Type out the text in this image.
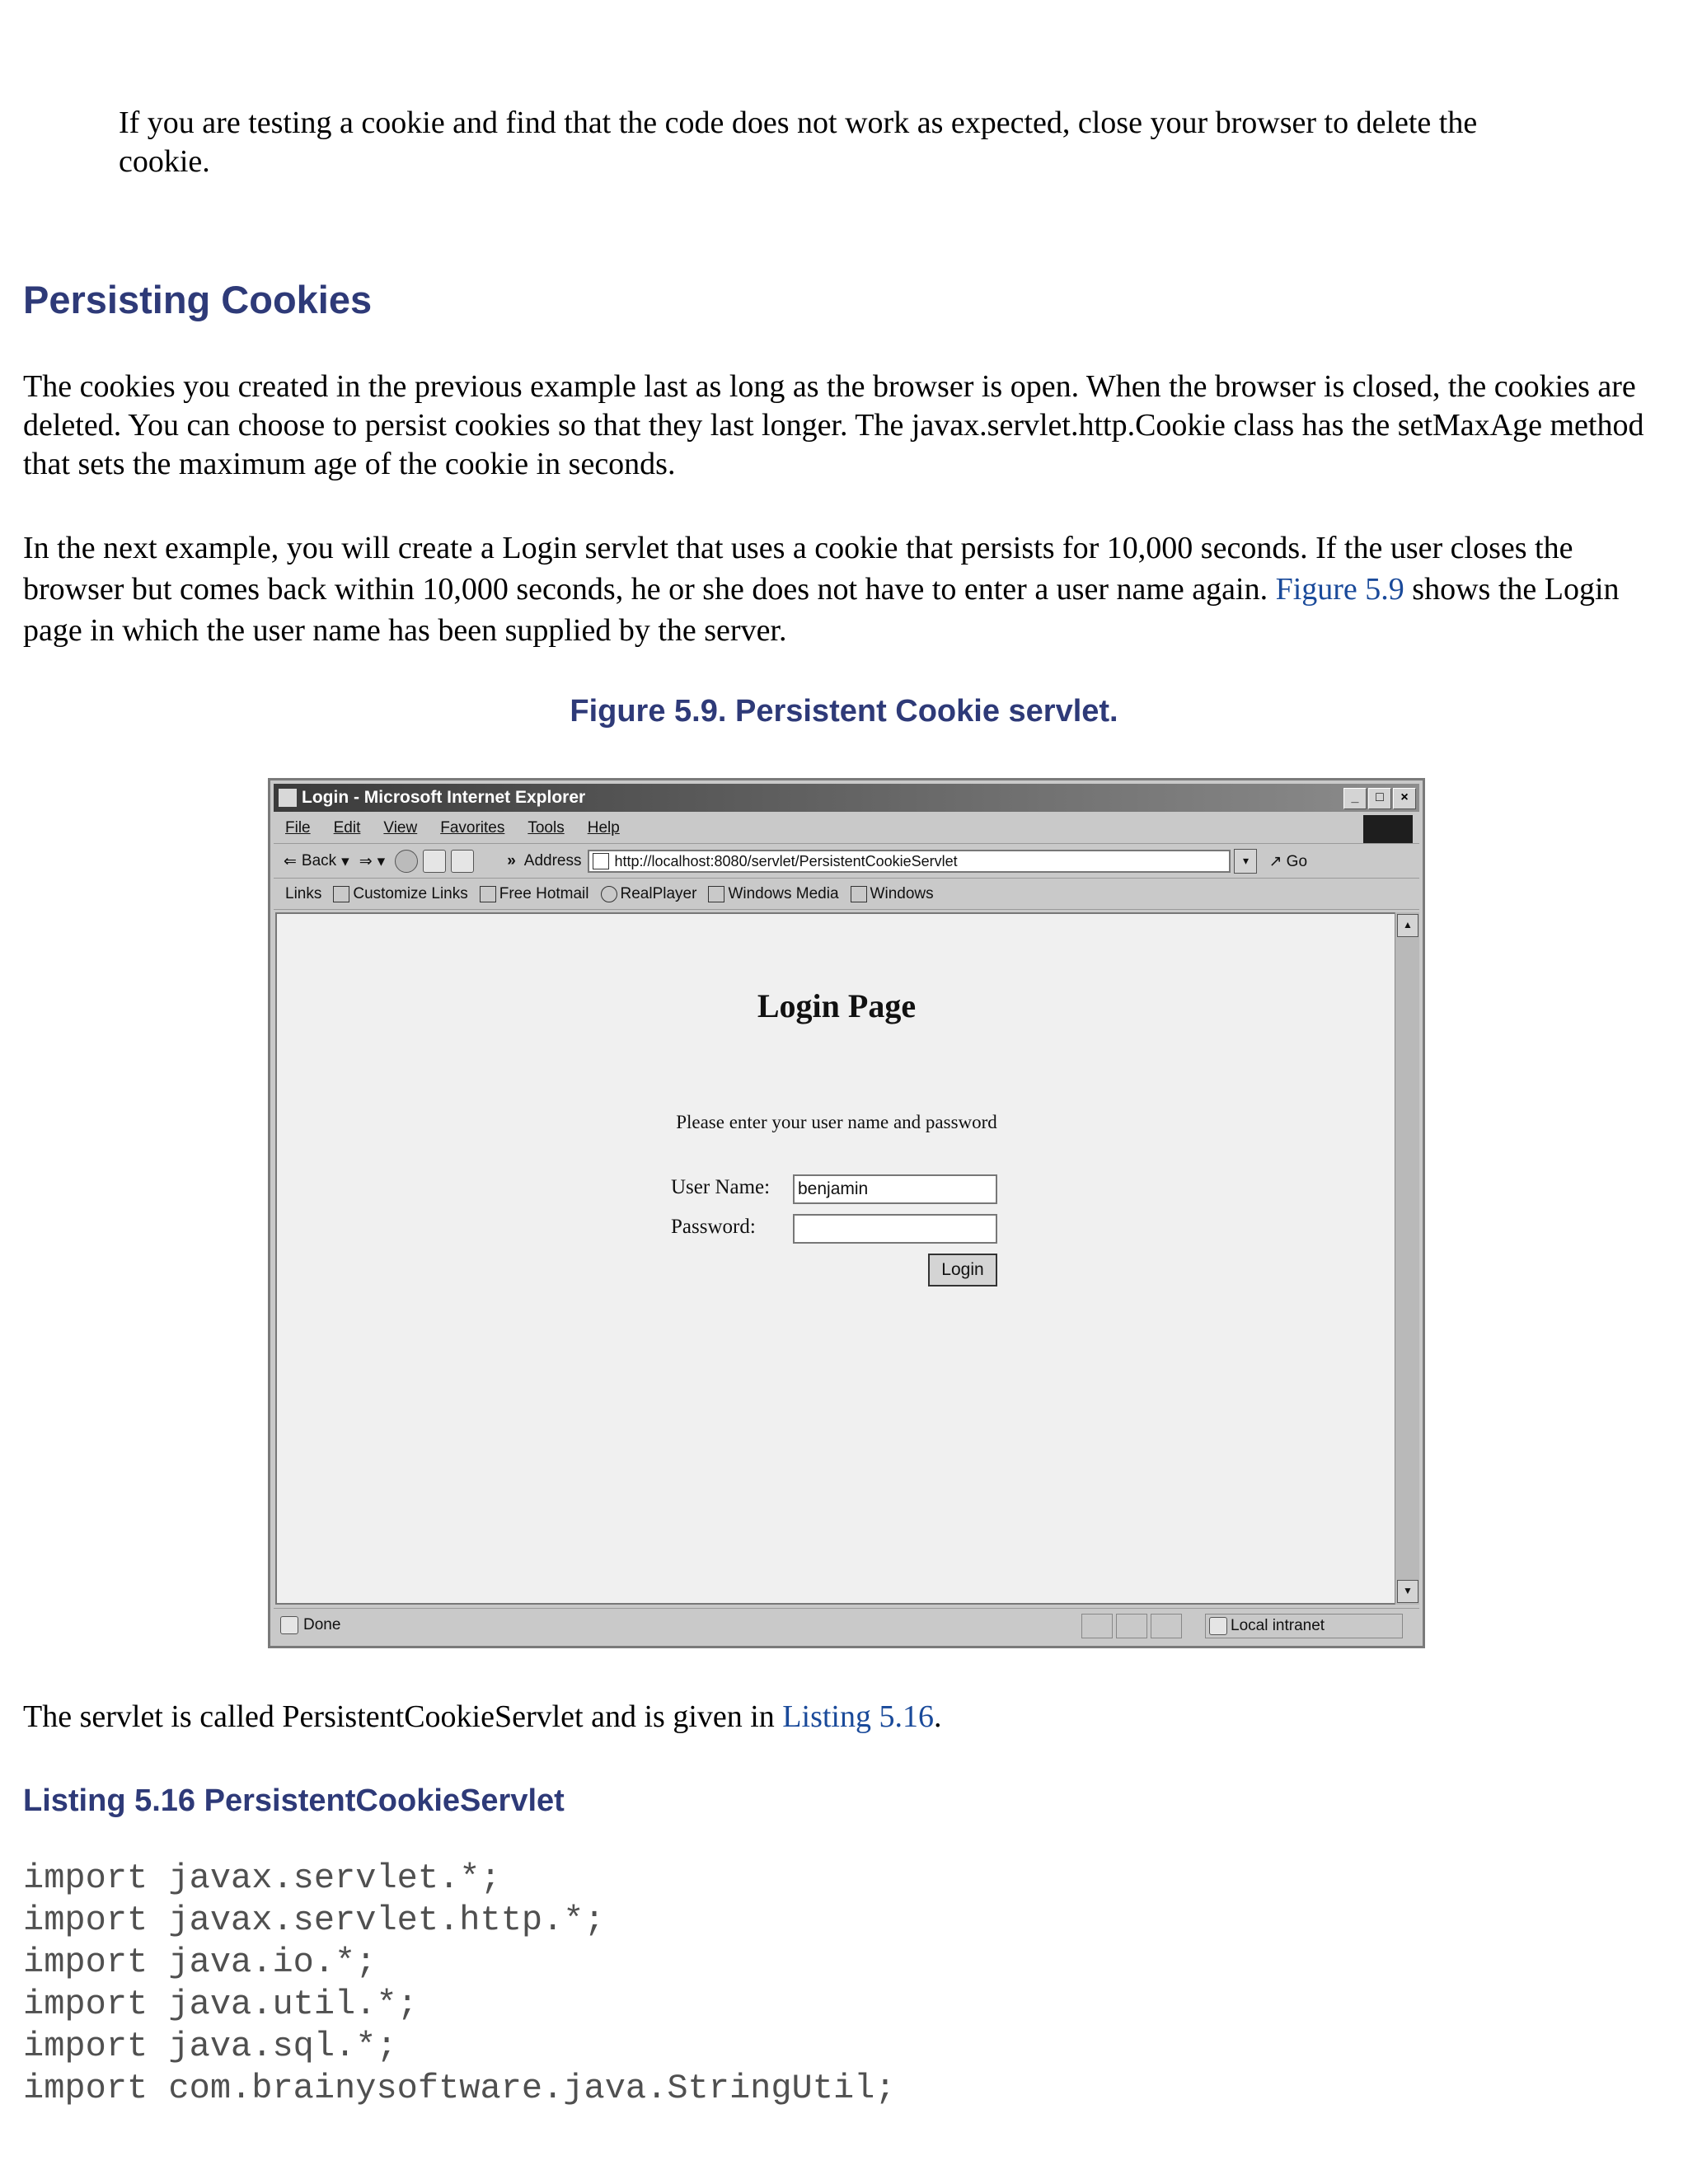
If you are testing a cookie and find that the code does not work as expected, close your browser to delete the cookie.

Persisting Cookies

The cookies you created in the previous example last as long as the browser is open. When the browser is closed, the cookies are deleted. You can choose to persist cookies so that they last longer. The javax.servlet.http.Cookie class has the setMaxAge method that sets the maximum age of the cookie in seconds.

In the next example, you will create a Login servlet that uses a cookie that persists for 10,000 seconds. If the user closes the browser but comes back within 10,000 seconds, he or she does not have to enter a user name again. Figure 5.9 shows the Login page in which the user name has been supplied by the server.

Figure 5.9. Persistent Cookie servlet.
Login - Microsoft Internet Explorer	_	□	×
File Edit View Favorites Tools Help
⇐ Back ▾ ⇒ ▾	» Address http://localhost:8080/servlet/PersistentCookieServlet	▾	↗ Go
Links Customize Links Free Hotmail RealPlayer Windows Media Windows
Login Page
Please enter your user name and password
User Name: benjamin
Password:
Login
▲
▼
Done	Local intranet

The servlet is called PersistentCookieServlet and is given in Listing 5.16.

Listing 5.16 PersistentCookieServlet
import javax.servlet.*;
import javax.servlet.http.*;
import java.io.*;
import java.util.*;
import java.sql.*;
import com.brainysoftware.java.StringUtil;
